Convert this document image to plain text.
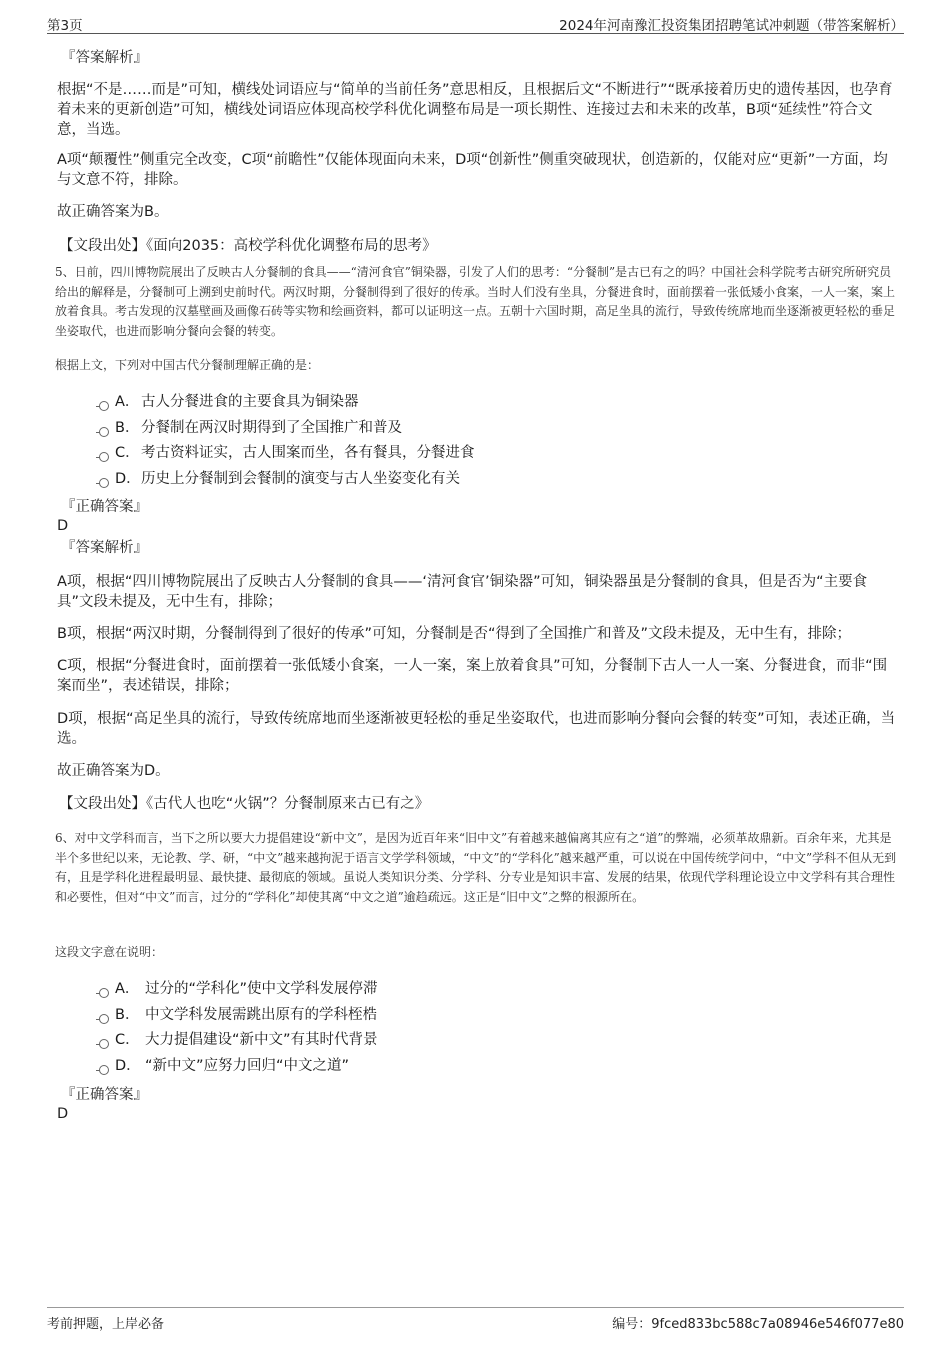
第3页	2024年河南豫汇投资集团招聘笔试冲刺题（带答案解析）
『答案解析』
根据“不是……而是”可知，横线处词语应与“简单的当前任务”意思相反，且根据后文“不断进行”“既承接着历史的遗传基因，也孕育着未来的更新创造”可知，横线处词语应体现高校学科优化调整布局是一项长期性、连接过去和未来的改革，B项“延续性”符合文意，当选。
A项“颠覆性”侧重完全改变，C项“前瞻性”仅能体现面向未来，D项“创新性”侧重突破现状，创造新的，仅能对应“更新”一方面，均与文意不符，排除。
故正确答案为B。
【文段出处】《面向2035：高校学科优化调整布局的思考》
5、日前，四川博物院展出了反映古人分餐制的食具——“清河食官”铜染器，引发了人们的思考：“分餐制”是古已有之的吗？中国社会科学院考古研究所研究员给出的解释是，分餐制可上溯到史前时代。两汉时期，分餐制得到了很好的传承。当时人们没有坐具，分餐进食时，面前摆着一张低矮小食案，一人一案，案上放着食具。考古发现的汉墓壁画及画像石砖等实物和绘画资料，都可以证明这一点。五朝十六国时期，高足坐具的流行，导致传统席地而坐逐渐被更轻松的垂足坐姿取代，也进而影响分餐向会餐的转变。
根据上文，下列对中国古代分餐制理解正确的是：
A． 古人分餐进食的主要食具为铜染器
B． 分餐制在两汉时期得到了全国推广和普及
C． 考古资料证实，古人围案而坐，各有餐具，分餐进食
D． 历史上分餐制到会餐制的演变与古人坐姿变化有关
『正确答案』
D
『答案解析』
A项，根据“四川博物院展出了反映古人分餐制的食具——‘清河食官’铜染器”可知，铜染器虽是分餐制的食具，但是否为“主要食具”文段未提及，无中生有，排除；
B项，根据“两汉时期，分餐制得到了很好的传承”可知，分餐制是否“得到了全国推广和普及”文段未提及，无中生有，排除；
C项，根据“分餐进食时，面前摆着一张低矮小食案，一人一案，案上放着食具”可知，分餐制下古人一人一案、分餐进食，而非“围案而坐”，表述错误，排除；
D项，根据“高足坐具的流行，导致传统席地而坐逐渐被更轻松的垂足坐姿取代，也进而影响分餐向会餐的转变”可知，表述正确，当选。
故正确答案为D。
【文段出处】《古代人也吃“火锅”？分餐制原来古已有之》
6、对中文学科而言，当下之所以要大力提倡建设“新中文”，是因为近百年来“旧中文”有着越来越偏离其应有之“道”的弊端，必须革故鼎新。百余年来，尤其是半个多世纪以来，无论教、学、研，“中文”越来越拘泥于语言文学学科领域，“中文”的“学科化”越来越严重，可以说在中国传统学问中，“中文”学科不但从无到有，且是学科化进程最明显、最快捷、最彻底的领域。虽说人类知识分类、分学科、分专业是知识丰富、发展的结果，依现代学科理论设立中文学科有其合理性和必要性，但对“中文”而言，过分的“学科化”却使其离“中文之道”逾趋疏远。这正是“旧中文”之弊的根源所在。
这段文字意在说明：
A． 过分的“学科化”使中文学科发展停滞
B． 中文学科发展需跳出原有的学科桎梏
C． 大力提倡建设“新中文”有其时代背景
D． “新中文”应努力回归“中文之道”
『正确答案』
D
考前押题，上岸必备	编号：9fced833bc588c7a08946e546f077e80
